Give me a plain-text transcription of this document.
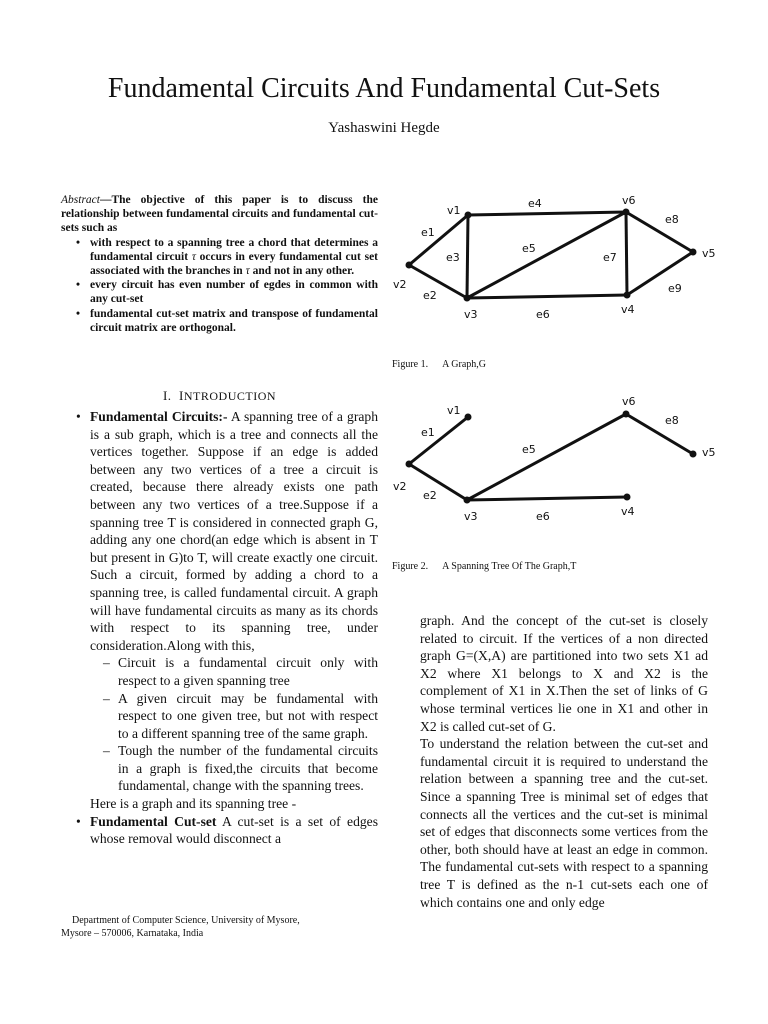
Fundamental Circuits And Fundamental Cut-Sets
Yashaswini Hegde
Abstract—The objective of this paper is to discuss the relationship between fundamental circuits and fundamental cut-sets such as
• with respect to a spanning tree a chord that determines a fundamental circuit τ occurs in every fundamental cut set associated with the branches in τ and not in any other.
• every circuit has even number of egdes in common with any cut-set
• fundamental cut-set matrix and transpose of fundamental circuit matrix are orthogonal.
I. INTRODUCTION
• Fundamental Circuits:- A spanning tree of a graph is a sub graph, which is a tree and connects all the vertices together. Suppose if an edge is added between any two vertices of a tree a circuit is created, because there already exists one path between any two vertices of a tree.Suppose if a spanning tree T is considered in connected graph G, adding any one chord(an edge which is absent in T but present in G)to T, will create exactly one circuit. Such a circuit, formed by adding a chord to a spanning tree, is called fundamental circuit. A graph will have fundamental circuits as many as its chords with respect to its spanning tree, under consideration.Along with this,
– Circuit is a fundamental circuit only with respect to a given spanning tree
– A given circuit may be fundamental with respect to one given tree, but not with respect to a different spanning tree of the same graph.
– Tough the number of the fundamental circuits in a graph is fixed,the circuits that become fundamental, change with the spanning trees.
Here is a graph and its spanning tree -
• Fundamental Cut-set A cut-set is a set of edges whose removal would disconnect a
v1
v2
v3	v4
v5
v6
e1
e2
e3
e4
e5
e6
e7
e8
e9
Figure 1. A Graph,G
v1
v2
v3	v4
v5
v6
e1
e2
e5
e6
e8
Figure 2. A Spanning Tree Of The Graph,T

graph. And the concept of the cut-set is closely related to circuit. If the vertices of a non directed graph G=(X,A) are partitioned into two sets X1 ad X2 where X1 belongs to X and X2 is the complement of X1 in X.Then the set of links of G whose terminal vertices lie one in X1 and other in X2 is called cut-set of G.

To understand the relation between the cut-set and fundamental circuit it is required to understand the relation between a spanning tree and the cut-set. Since a spanning Tree is minimal set of edges that connects all the vertices and the cut-set is minimal set of edges that disconnects some vertices from the other, both should have at least an edge in common. The fundamental cut-sets with respect to a spanning tree T is defined as the n-1 cut-sets each one of which contains one and only edge

Department of Computer Science, University of Mysore,
Mysore – 570006, Karnataka, India
